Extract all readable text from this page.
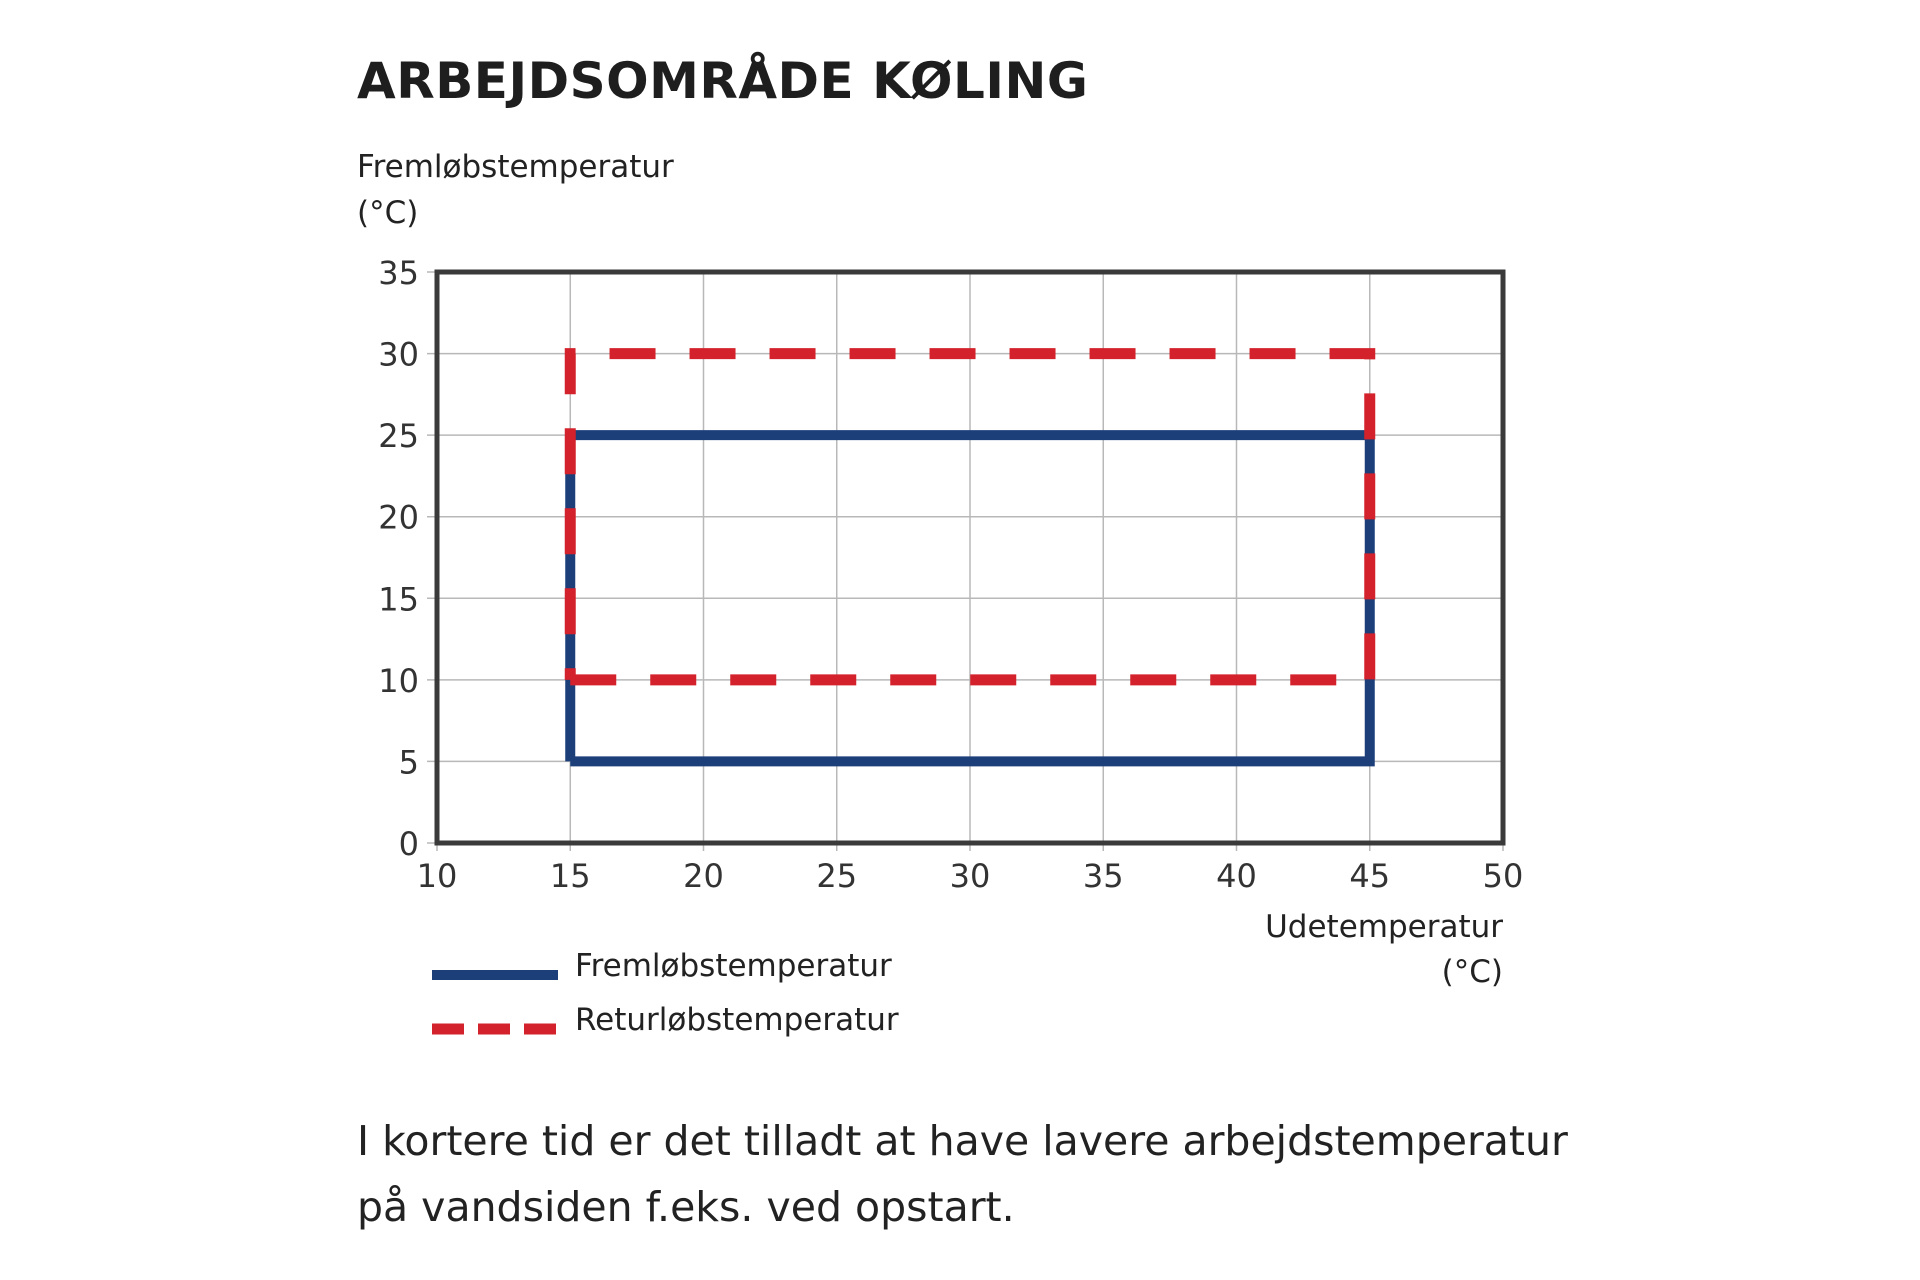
ARBEJDSOMRÅDE KØLING
Fremløbstemperatur
(°C)
10	15	20	25	30	35	40	45	50
0
5
10
15
20
25
30
35
Udetemperatur
(°C)
Fremløbstemperatur
Returløbstemperatur
I kortere tid er det tilladt at have lavere arbejdstemperatur
på vandsiden f.eks. ved opstart.
